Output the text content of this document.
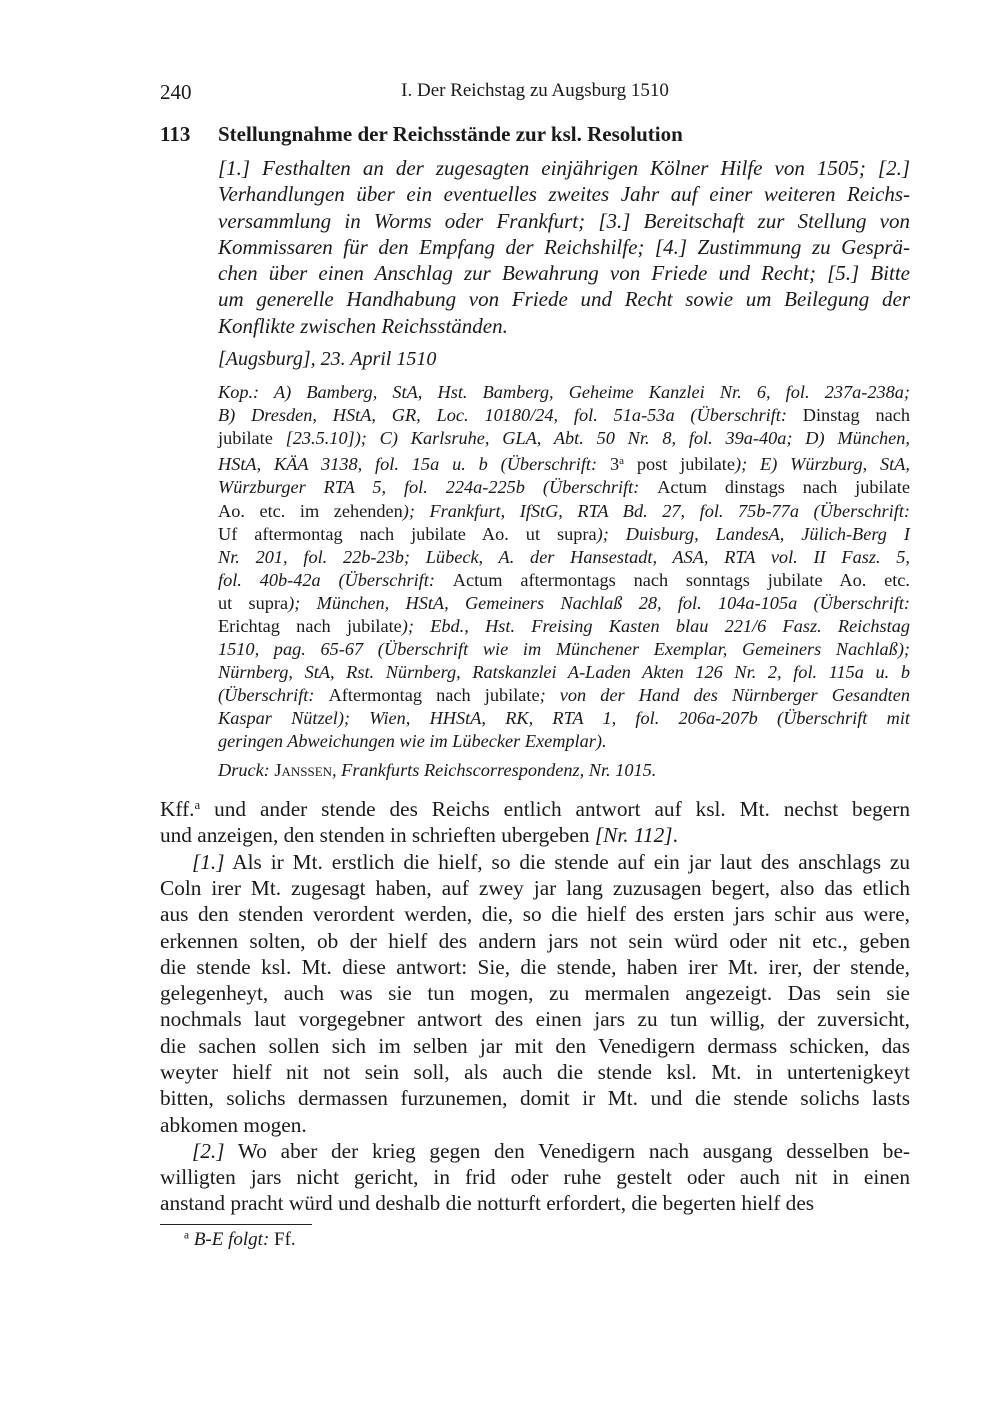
240	I. Der Reichstag zu Augsburg 1510
113 Stellungnahme der Reichsstände zur ksl. Resolution
[1.] Festhalten an der zugesagten einjährigen Kölner Hilfe von 1505; [2.]
Verhandlungen über ein eventuelles zweites Jahr auf einer weiteren Reichs-
versammlung in Worms oder Frankfurt; [3.] Bereitschaft zur Stellung von
Kommissaren für den Empfang der Reichshilfe; [4.] Zustimmung zu Gesprä-
chen über einen Anschlag zur Bewahrung von Friede und Recht; [5.] Bitte
um generelle Handhabung von Friede und Recht sowie um Beilegung der
Konflikte zwischen Reichsständen.
[Augsburg], 23. April 1510
Kop.: A) Bamberg, StA, Hst. Bamberg, Geheime Kanzlei Nr. 6, fol. 237a-238a;
B) Dresden, HStA, GR, Loc. 10180/24, fol. 51a-53a (Überschrift: Dinstag nach
jubilate [23.5.10]); C) Karlsruhe, GLA, Abt. 50 Nr. 8, fol. 39a-40a; D) München,
HStA, KÄA 3138, fol. 15a u. b (Überschrift: 3$^a$ post jubilate); E) Würzburg, StA,
Würzburger RTA 5, fol. 224a-225b (Überschrift: Actum dinstags nach jubilate
Ao. etc. im zehenden); Frankfurt, IfStG, RTA Bd. 27, fol. 75b-77a (Überschrift:
Uf aftermontag nach jubilate Ao. ut supra); Duisburg, LandesA, Jülich-Berg I
Nr. 201, fol. 22b-23b; Lübeck, A. der Hansestadt, ASA, RTA vol. II Fasz. 5,
fol. 40b-42a (Überschrift: Actum aftermontags nach sonntags jubilate Ao. etc.
ut supra); München, HStA, Gemeiners Nachlaß 28, fol. 104a-105a (Überschrift:
Erichtag nach jubilate); Ebd., Hst. Freising Kasten blau 221/6 Fasz. Reichstag
1510, pag. 65-67 (Überschrift wie im Münchener Exemplar, Gemeiners Nachlaß);
Nürnberg, StA, Rst. Nürnberg, Ratskanzlei A-Laden Akten 126 Nr. 2, fol. 115a u. b
(Überschrift: Aftermontag nach jubilate; von der Hand des Nürnberger Gesandten
Kaspar Nützel); Wien, HHStA, RK, RTA 1, fol. 206a-207b (Überschrift mit
geringen Abweichungen wie im Lübecker Exemplar).
Druck: Janssen, Frankfurts Reichscorrespondenz, Nr. 1015.
Kff.$^a$ und ander stende des Reichs entlich antwort auf ksl. Mt. nechst begern
und anzeigen, den stenden in schrieften ubergeben [Nr. 112].
  [1.] Als ir Mt. erstlich die hielf, so die stende auf ein jar laut des anschlags zu
Coln irer Mt. zugesagt haben, auf zwey jar lang zuzusagen begert, also das etlich
aus den stenden verordent werden, die, so die hielf des ersten jars schir aus were,
erkennen solten, ob der hielf des andern jars not sein würd oder nit etc., geben
die stende ksl. Mt. diese antwort: Sie, die stende, haben irer Mt. irer, der stende,
gelegenheyt, auch was sie tun mogen, zu mermalen angezeigt. Das sein sie
nochmals laut vorgegebner antwort des einen jars zu tun willig, der zuversicht,
die sachen sollen sich im selben jar mit den Venedigern dermass schicken, das
weyter hielf nit not sein soll, als auch die stende ksl. Mt. in untertenigkeyt
bitten, solichs dermassen furzunemen, domit ir Mt. und die stende solichs lasts
abkomen mogen.
  [2.] Wo aber der krieg gegen den Venedigern nach ausgang desselben be-
willigten jars nicht gericht, in frid oder ruhe gestelt oder auch nit in einen
anstand pracht würd und deshalb die notturft erfordert, die begerten hielf des
$^a$ B-E folgt: Ff.
